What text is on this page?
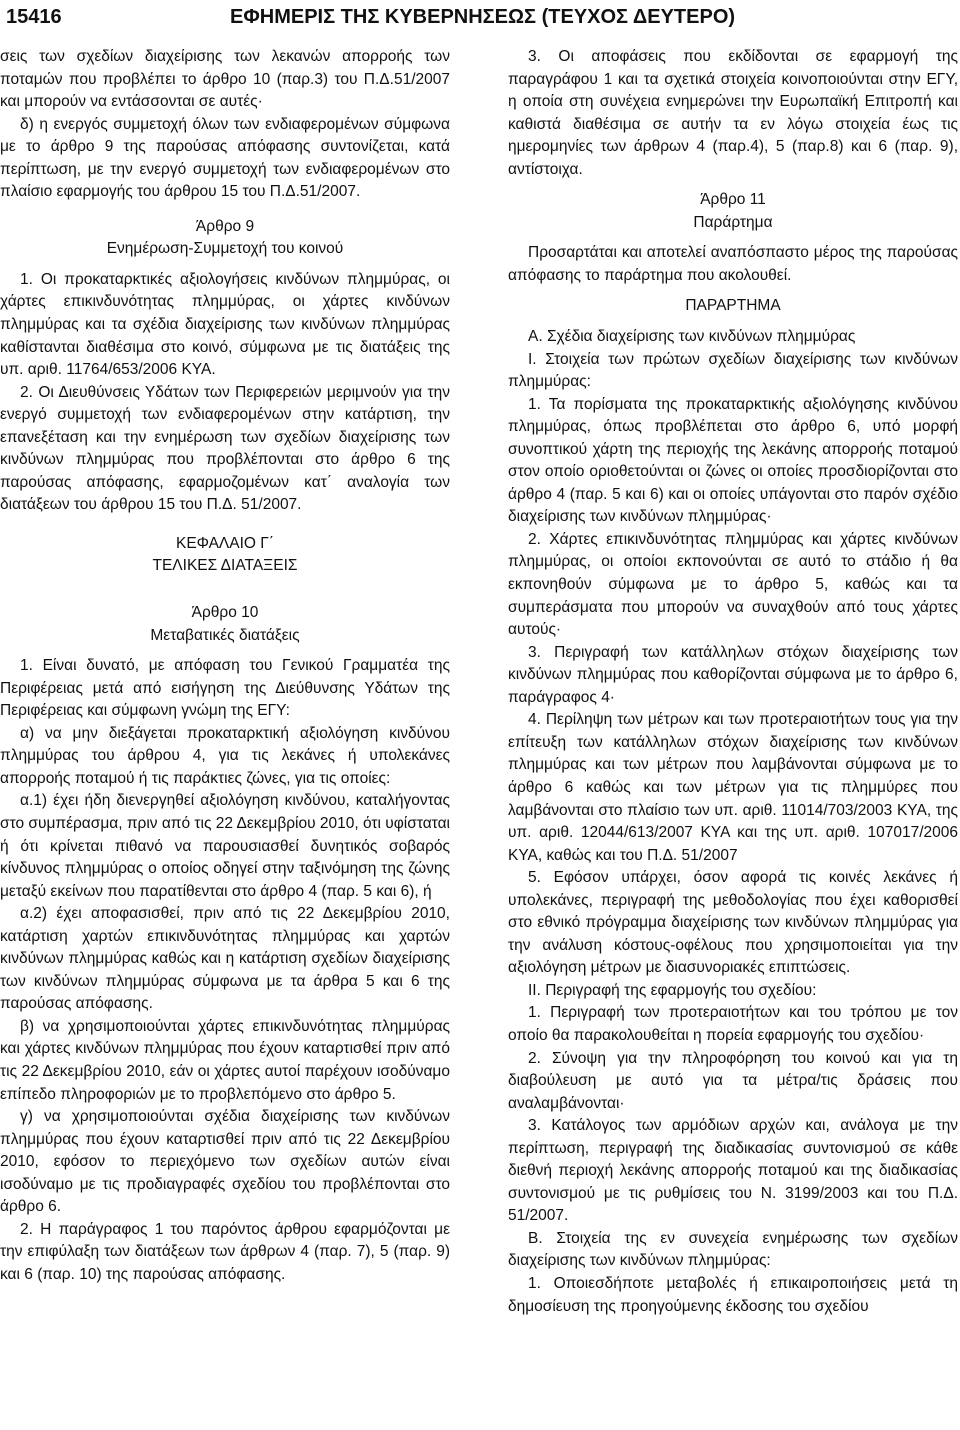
15416	ΕΦΗΜΕΡΙΣ ΤΗΣ ΚΥΒΕΡΝΗΣΕΩΣ (ΤΕΥΧΟΣ ΔΕΥΤΕΡΟ)

σεις των σχεδίων διαχείρισης των λεκανών απορροής των ποταμών που προβλέπει το άρθρο 10 (παρ.3) του Π.Δ.51/2007 και μπορούν να εντάσσονται σε αυτές·

δ) η ενεργός συμμετοχή όλων των ενδιαφερομένων σύμφωνα με το άρθρο 9 της παρούσας απόφασης συντονίζεται, κατά περίπτωση, με την ενεργό συμμετοχή των ενδιαφερομένων στο πλαίσιο εφαρμογής του άρθρου 15 του Π.Δ.51/2007.

Άρθρο 9

Ενημέρωση-Συμμετοχή του κοινού

1. Οι προκαταρκτικές αξιολογήσεις κινδύνων πλημμύρας, οι χάρτες επικινδυνότητας πλημμύρας, οι χάρτες κινδύνων πλημμύρας και τα σχέδια διαχείρισης των κινδύνων πλημμύρας καθίστανται διαθέσιμα στο κοινό, σύμφωνα με τις διατάξεις της υπ. αριθ. 11764/653/2006 ΚΥΑ.

2. Οι Διευθύνσεις Υδάτων των Περιφερειών μεριμνούν για την ενεργό συμμετοχή των ενδιαφερομένων στην κατάρτιση, την επανεξέταση και την ενημέρωση των σχεδίων διαχείρισης των κινδύνων πλημμύρας που προβλέπονται στο άρθρο 6 της παρούσας απόφασης, εφαρμοζομένων κατ΄ αναλογία των διατάξεων του άρθρου 15 του Π.Δ. 51/2007.

ΚΕΦΑΛΑΙΟ Γ΄

ΤΕΛΙΚΕΣ ΔΙΑΤΑΞΕΙΣ

Άρθρο 10

Μεταβατικές διατάξεις

1. Είναι δυνατό, με απόφαση του Γενικού Γραμματέα της Περιφέρειας μετά από εισήγηση της Διεύθυνσης Υδάτων της Περιφέρειας και σύμφωνη γνώμη της ΕΓΥ:

α) να μην διεξάγεται προκαταρκτική αξιολόγηση κινδύνου πλημμύρας του άρθρου 4, για τις λεκάνες ή υπολεκάνες απορροής ποταμού ή τις παράκτιες ζώνες, για τις οποίες:

α.1) έχει ήδη διενεργηθεί αξιολόγηση κινδύνου, καταλήγοντας στο συμπέρασμα, πριν από τις 22 Δεκεμβρίου 2010, ότι υφίσταται ή ότι κρίνεται πιθανό να παρουσιασθεί δυνητικός σοβαρός κίνδυνος πλημμύρας ο οποίος οδηγεί στην ταξινόμηση της ζώνης μεταξύ εκείνων που παρατίθενται στο άρθρο 4 (παρ. 5 και 6), ή

α.2) έχει αποφασισθεί, πριν από τις 22 Δεκεμβρίου 2010, κατάρτιση χαρτών επικινδυνότητας πλημμύρας και χαρτών κινδύνων πλημμύρας καθώς και η κατάρτιση σχεδίων διαχείρισης των κινδύνων πλημμύρας σύμφωνα με τα άρθρα 5 και 6 της παρούσας απόφασης.

β) να χρησιμοποιούνται χάρτες επικινδυνότητας πλημμύρας και χάρτες κινδύνων πλημμύρας που έχουν καταρτισθεί πριν από τις 22 Δεκεμβρίου 2010, εάν οι χάρτες αυτοί παρέχουν ισοδύναμο επίπεδο πληροφοριών με το προβλεπόμενο στο άρθρο 5.

γ) να χρησιμοποιούνται σχέδια διαχείρισης των κινδύνων πλημμύρας που έχουν καταρτισθεί πριν από τις 22 Δεκεμβρίου 2010, εφόσον το περιεχόμενο των σχεδίων αυτών είναι ισοδύναμο με τις προδιαγραφές σχεδίου του προβλέπονται στο άρθρο 6.

2. Η παράγραφος 1 του παρόντος άρθρου εφαρμόζονται με την επιφύλαξη των διατάξεων των άρθρων 4 (παρ. 7), 5 (παρ. 9) και 6 (παρ. 10) της παρούσας απόφασης.

3. Οι αποφάσεις που εκδίδονται σε εφαρμογή της παραγράφου 1 και τα σχετικά στοιχεία κοινοποιούνται στην ΕΓΥ, η οποία στη συνέχεια ενημερώνει την Ευρωπαϊκή Επιτροπή και καθιστά διαθέσιμα σε αυτήν τα εν λόγω στοιχεία έως τις ημερομηνίες των άρθρων 4 (παρ.4), 5 (παρ.8) και 6 (παρ. 9), αντίστοιχα.

Άρθρο 11

Παράρτημα

Προσαρτάται και αποτελεί αναπόσπαστο μέρος της παρούσας απόφασης το παράρτημα που ακολουθεί.

ΠΑΡΑΡΤΗΜΑ

Α. Σχέδια διαχείρισης των κινδύνων πλημμύρας

Ι. Στοιχεία των πρώτων σχεδίων διαχείρισης των κινδύνων πλημμύρας:

1. Τα πορίσματα της προκαταρκτικής αξιολόγησης κινδύνου πλημμύρας, όπως προβλέπεται στο άρθρο 6, υπό μορφή συνοπτικού χάρτη της περιοχής της λεκάνης απορροής ποταμού στον οποίο οριοθετούνται οι ζώνες οι οποίες προσδιορίζονται στο άρθρο 4 (παρ. 5 και 6) και οι οποίες υπάγονται στο παρόν σχέδιο διαχείρισης των κινδύνων πλημμύρας·

2. Χάρτες επικινδυνότητας πλημμύρας και χάρτες κινδύνων πλημμύρας, οι οποίοι εκπονούνται σε αυτό το στάδιο ή θα εκπονηθούν σύμφωνα με το άρθρο 5, καθώς και τα συμπεράσματα που μπορούν να συναχθούν από τους χάρτες αυτούς·

3. Περιγραφή των κατάλληλων στόχων διαχείρισης των κινδύνων πλημμύρας που καθορίζονται σύμφωνα με το άρθρο 6, παράγραφος 4·

4. Περίληψη των μέτρων και των προτεραιοτήτων τους για την επίτευξη των κατάλληλων στόχων διαχείρισης των κινδύνων πλημμύρας και των μέτρων που λαμβάνονται σύμφωνα με το άρθρο 6 καθώς και των μέτρων για τις πλημμύρες που λαμβάνονται στο πλαίσιο των υπ. αριθ. 11014/703/2003 ΚΥΑ, της υπ. αριθ. 12044/613/2007 ΚΥΑ και της υπ. αριθ. 107017/2006 ΚΥΑ, καθώς και του Π.Δ. 51/2007

5. Εφόσον υπάρχει, όσον αφορά τις κοινές λεκάνες ή υπολεκάνες, περιγραφή της μεθοδολογίας που έχει καθορισθεί στο εθνικό πρόγραμμα διαχείρισης των κινδύνων πλημμύρας για την ανάλυση κόστους-οφέλους που χρησιμοποιείται για την αξιολόγηση μέτρων με διασυνοριακές επιπτώσεις.

ΙΙ. Περιγραφή της εφαρμογής του σχεδίου:

1. Περιγραφή των προτεραιοτήτων και του τρόπου με τον οποίο θα παρακολουθείται η πορεία εφαρμογής του σχεδίου·

2. Σύνοψη για την πληροφόρηση του κοινού και για τη διαβούλευση με αυτό για τα μέτρα/τις δράσεις που αναλαμβάνονται·

3. Κατάλογος των αρμόδιων αρχών και, ανάλογα με την περίπτωση, περιγραφή της διαδικασίας συντονισμού σε κάθε διεθνή περιοχή λεκάνης απορροής ποταμού και της διαδικασίας συντονισμού με τις ρυθμίσεις του Ν. 3199/2003 και του Π.Δ. 51/2007.

Β. Στοιχεία της εν συνεχεία ενημέρωσης των σχεδίων διαχείρισης των κινδύνων πλημμύρας:

1. Οποιεσδήποτε μεταβολές ή επικαιροποιήσεις μετά τη δημοσίευση της προηγούμενης έκδοσης του σχεδίου
